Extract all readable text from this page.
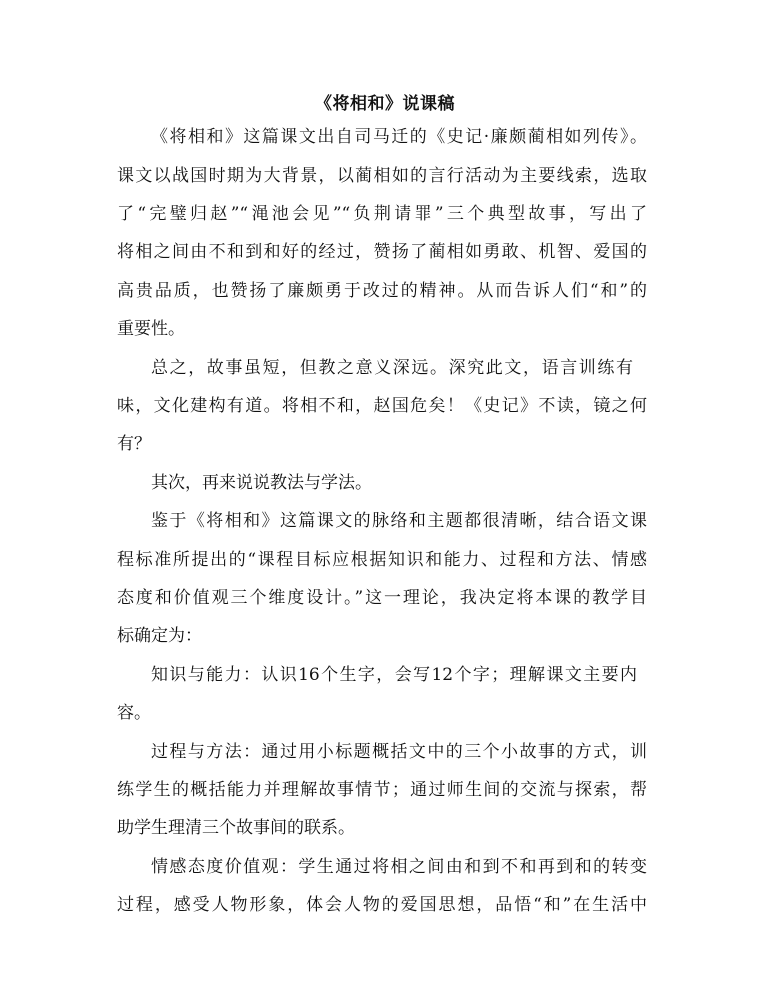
《将相和》说课稿
《将相和》这篇课文出自司马迁的《史记·廉颇蔺相如列传》。
课文以战国时期为大背景，以蔺相如的言行活动为主要线索，选取
了“完璧归赵”“渑池会见”“负荆请罪”三个典型故事，写出了
将相之间由不和到和好的经过，赞扬了蔺相如勇敢、机智、爱国的
高贵品质，也赞扬了廉颇勇于改过的精神。从而告诉人们“和”的
重要性。
总之，故事虽短，但教之意义深远。深究此文，语言训练有
味，文化建构有道。将相不和，赵国危矣！《史记》不读，镜之何
有？
其次，再来说说教法与学法。
鉴于《将相和》这篇课文的脉络和主题都很清晰，结合语文课
程标准所提出的“课程目标应根据知识和能力、过程和方法、情感
态度和价值观三个维度设计。”这一理论，我决定将本课的教学目
标确定为：
知识与能力：认识16个生字，会写12个字；理解课文主要内
容。
过程与方法：通过用小标题概括文中的三个小故事的方式，训
练学生的概括能力并理解故事情节；通过师生间的交流与探索，帮
助学生理清三个故事间的联系。
情感态度价值观：学生通过将相之间由和到不和再到和的转变
过程，感受人物形象，体会人物的爱国思想，品悟“和”在生活中
